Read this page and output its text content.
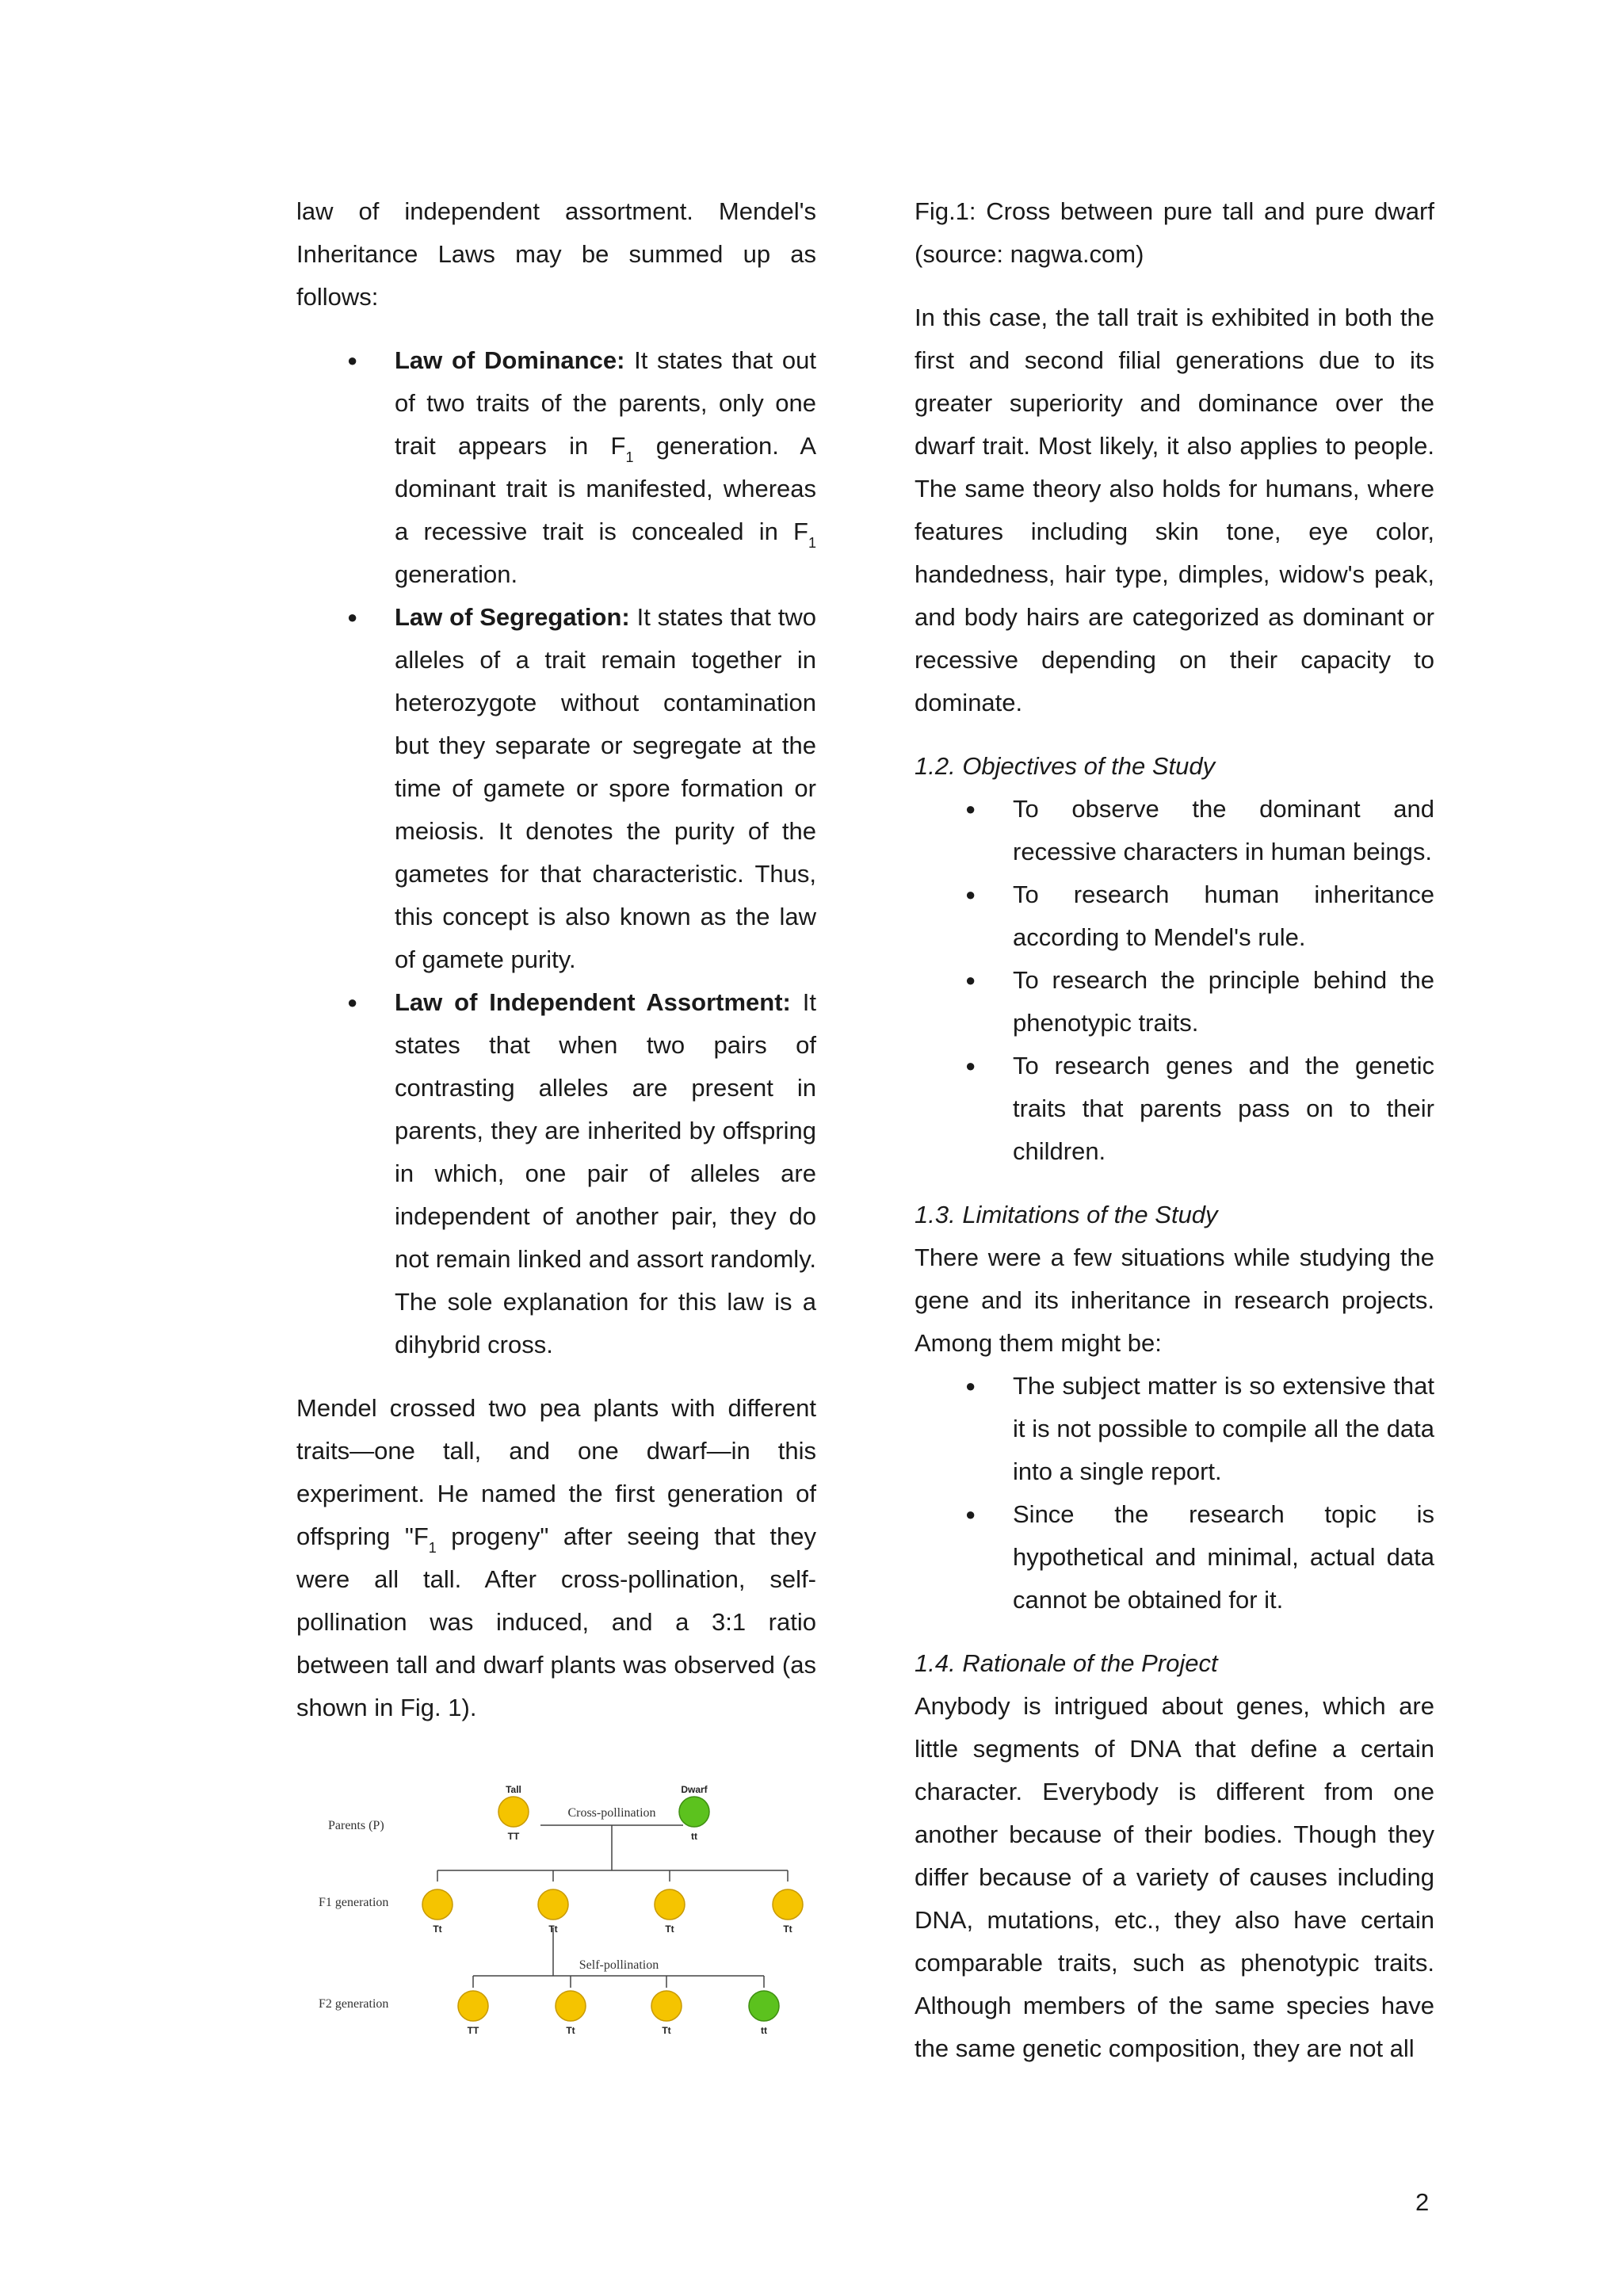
law of independent assortment. Mendel's Inheritance Laws may be summed up as follows:

● Law of Dominance: It states that out of two traits of the parents, only one trait appears in $F_1$ generation. A dominant trait is manifested, whereas a recessive trait is concealed in $F_1$ generation.
● Law of Segregation: It states that two alleles of a trait remain together in heterozygote without contamination but they separate or segregate at the time of gamete or spore formation or meiosis. It denotes the purity of the gametes for that characteristic. Thus, this concept is also known as the law of gamete purity.
● Law of Independent Assortment: It states that when two pairs of contrasting alleles are present in parents, they are inherited by offspring in which, one pair of alleles are independent of another pair, they do not remain linked and assort randomly. The sole explanation for this law is a dihybrid cross.

Mendel crossed two pea plants with different traits—one tall, and one dwarf—in this experiment. He named the first generation of offspring "$F_1$ progeny" after seeing that they were all tall. After cross-pollination, self-pollination was induced, and a 3:1 ratio between tall and dwarf plants was observed (as shown in Fig. 1).

Parents (P)
F1 generation
F2 generation
Tall	Dwarf
Cross-pollination
Self-pollination
TT	tt
Tt	Tt	Tt	Tt
TT	Tt	Tt	tt

Fig.1: Cross between pure tall and pure dwarf (source: nagwa.com)

In this case, the tall trait is exhibited in both the first and second filial generations due to its greater superiority and dominance over the dwarf trait. Most likely, it also applies to people. The same theory also holds for humans, where features including skin tone, eye color, handedness, hair type, dimples, widow's peak, and body hairs are categorized as dominant or recessive depending on their capacity to dominate.

1.2. Objectives of the Study
● To observe the dominant and recessive characters in human beings.
● To research human inheritance according to Mendel's rule.
● To research the principle behind the phenotypic traits.
● To research genes and the genetic traits that parents pass on to their children.
1.3. Limitations of the Study

There were a few situations while studying the gene and its inheritance in research projects. Among them might be:

● The subject matter is so extensive that it is not possible to compile all the data into a single report.
● Since the research topic is hypothetical and minimal, actual data cannot be obtained for it.
1.4. Rationale of the Project

Anybody is intrigued about genes, which are little segments of DNA that define a certain character. Everybody is different from one another because of their bodies. Though they differ because of a variety of causes including DNA, mutations, etc., they also have certain comparable traits, such as phenotypic traits. Although members of the same species have the same genetic composition, they are not all

2
